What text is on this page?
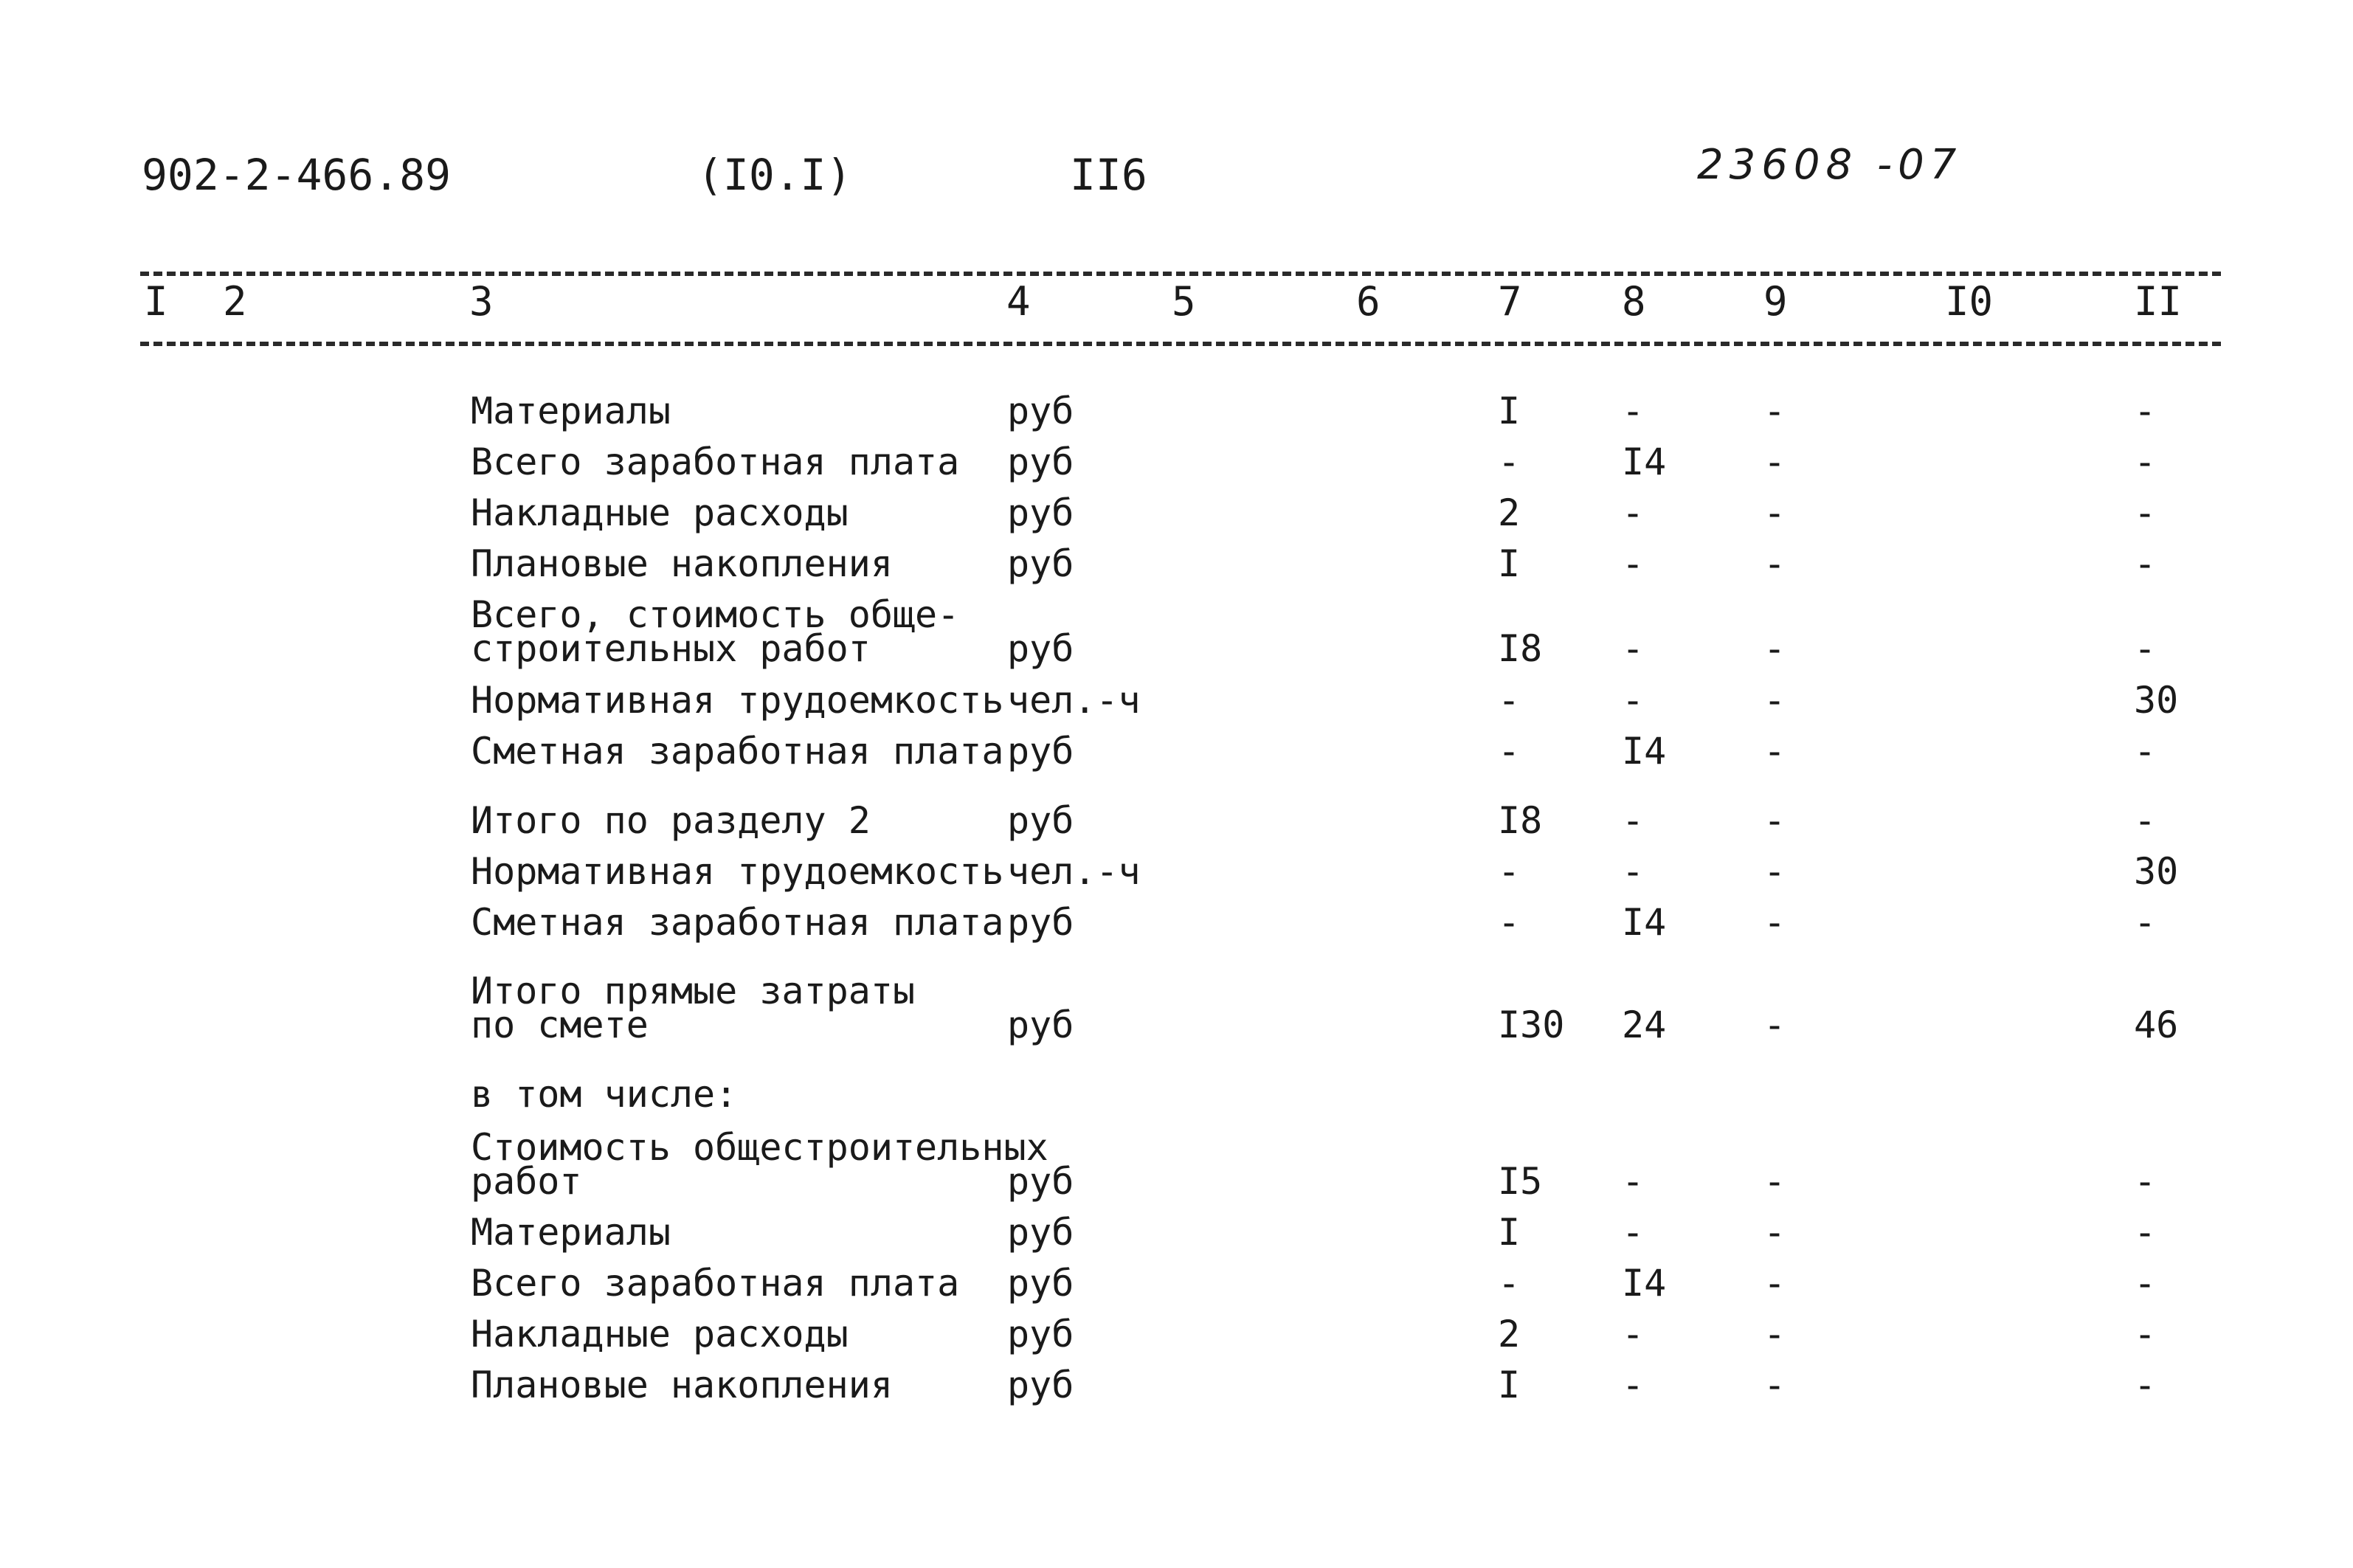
902-2-466.89	(I0.I)	II6	23608 -07
I 2	3	4	5	6	7	8	9	I0	II
Материалы	руб	I	-	-	-
Всего заработная плата руб	-	I4	-	-
Накладные расходы	руб	2	-	-	-
Плановые накопления	руб	I	-	-	-
Всего, стоимость обще-
строительных работ	руб	I8 -	-	-
Нормативная трудоемкость чел.-ч	-	-	-	30
Сметная заработная плата руб	-	I4	-	-
Итого по разделу 2	руб	I8 -	-	-
Нормативная трудоемкость чел.-ч	-	-	-	30
Сметная заработная плата руб	-	I4	-	-
Итого прямые затраты
по смете	руб	I30 24	-	46
в том числе:
Стоимость общестроительных
работ	руб	I5 -	-	-
Материалы	руб	I	-	-	-
Всего заработная плата руб	-	I4	-	-
Накладные расходы	руб	2	-	-	-
Плановые накопления	руб	I	-	-	-
